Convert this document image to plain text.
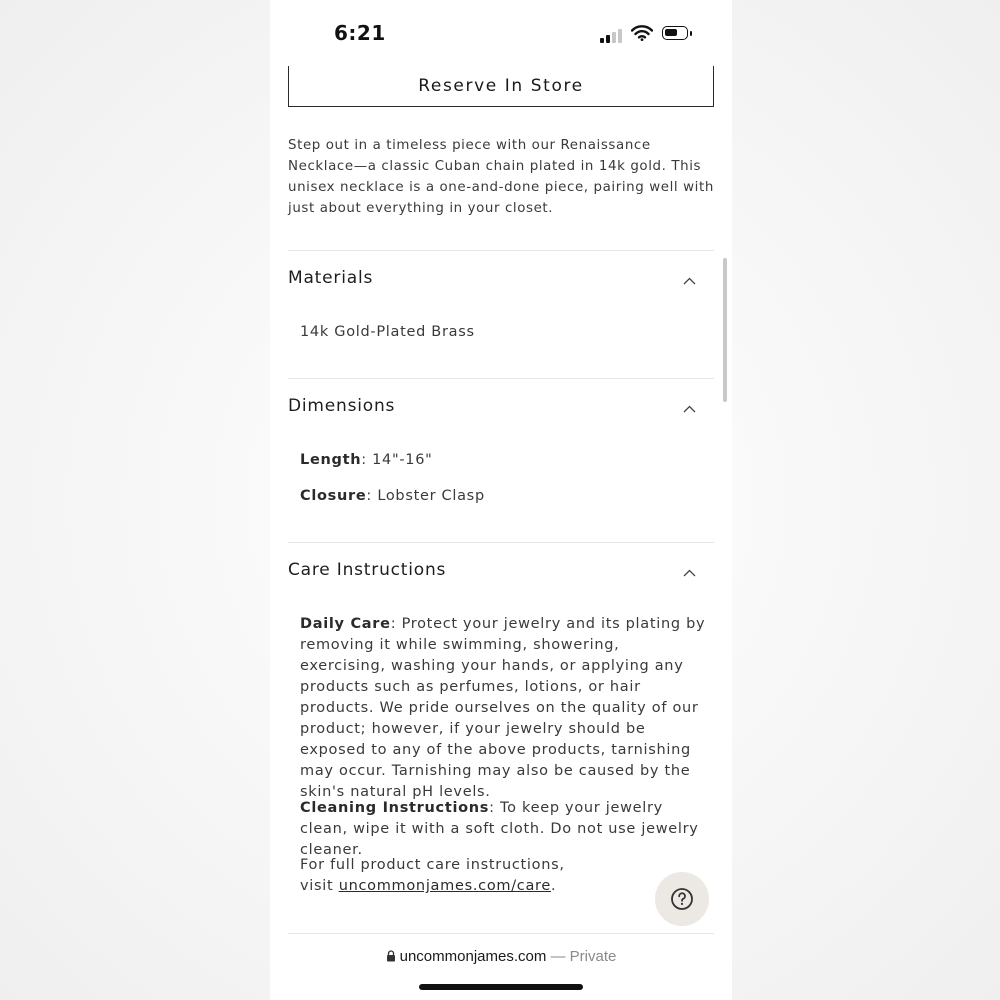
6:21
Reserve In Store
Step out in a timeless piece with our Renaissance Necklace—a classic Cuban chain plated in 14k gold. This unisex necklace is a one-and-done piece, pairing well with just about everything in your closet.
Materials
14k Gold-Plated Brass
Dimensions
Length: 14"-16"
Closure: Lobster Clasp
Care Instructions
Daily Care: Protect your jewelry and its plating by removing it while swimming, showering, exercising, washing your hands, or applying any products such as perfumes, lotions, or hair products. We pride ourselves on the quality of our product; however, if your jewelry should be exposed to any of the above products, tarnishing may occur. Tarnishing may also be caused by the skin's natural pH levels.
Cleaning Instructions: To keep your jewelry clean, wipe it with a soft cloth. Do not use jewelry cleaner.
For full product care instructions,
visit uncommonjames.com/care.
uncommonjames.com — Private
